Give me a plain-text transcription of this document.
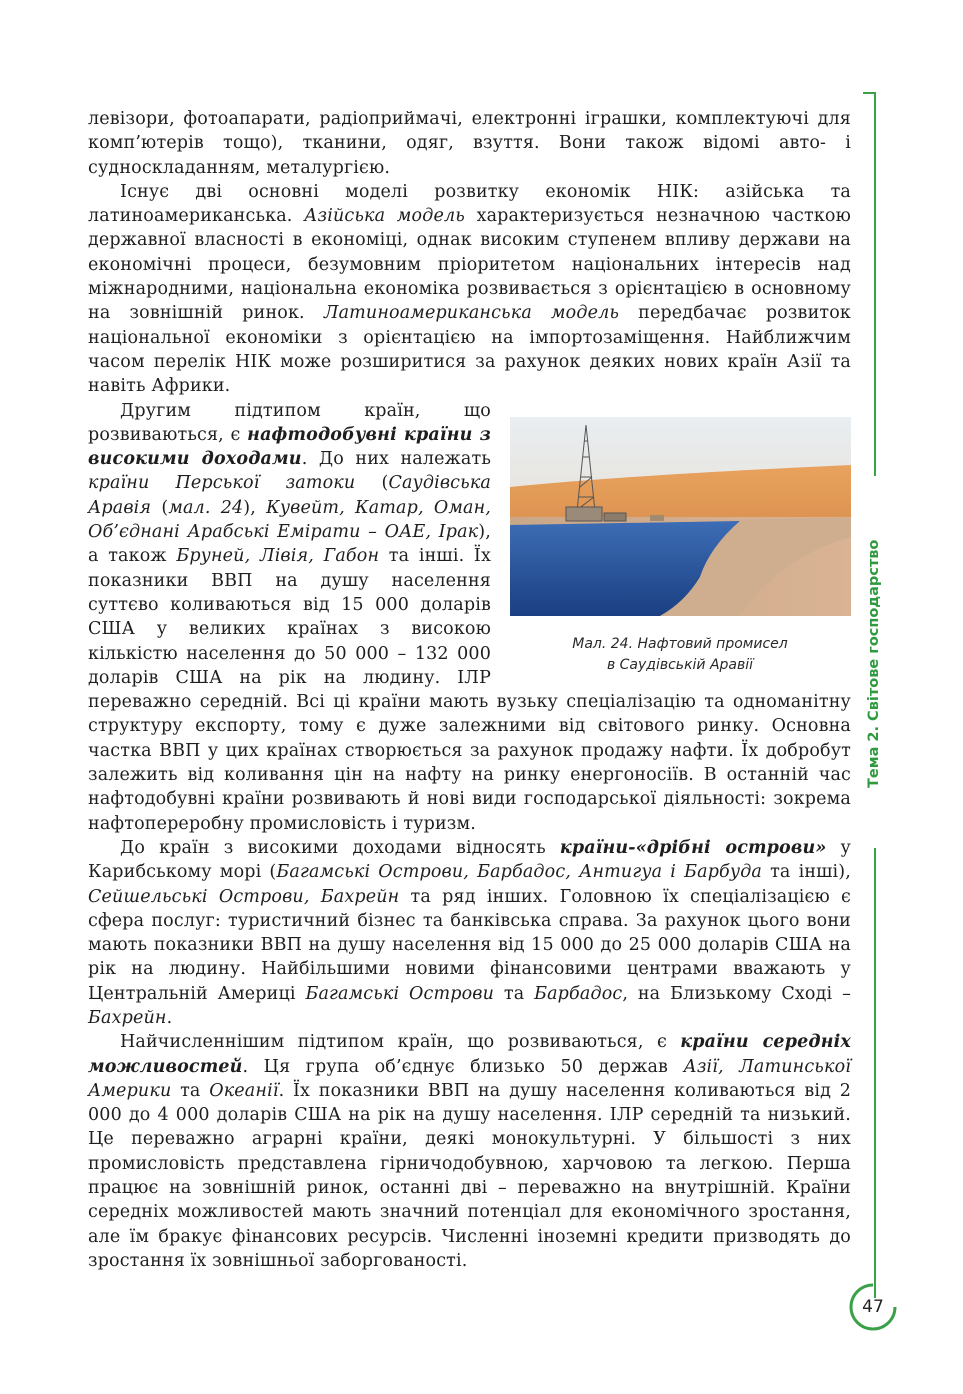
Тема 2. Світове господарство

левізори, фотоапарати, радіоприймачі, електронні іграшки, комплектуючі для комп’ютерів тощо), тканини, одяг, взуття. Вони також відомі авто- і судноскладанням, металургією.

Існує дві основні моделі розвитку економік НІК: азійська та латиноамериканська. Азійська модель характеризується незначною часткою державної власності в економіці, однак високим ступенем впливу держави на економічні процеси, безумовним пріоритетом національних інтересів над міжнародними, національна економіка розвивається з орієнтацією в основному на зовнішній ринок. Латиноамериканська модель передбачає розвиток національної економіки з орієнтацією на імпортозаміщення. Найближчим часом перелік НІК може розширитися за рахунок деяких нових країн Азії та навіть Африки.

Другим підтипом країн, що розвиваються, є нафтодобувні країни з високими доходами. До них належать країни Перської затоки (Саудівська Аравія (мал. 24), Кувейт, Катар, Оман, Об’єднані Арабські Емірати – ОАЕ, Ірак), а також Бруней, Лівія, Габон та інші. Їх показники ВВП на душу населення суттєво коливаються від 15 000 доларів США у великих країнах з високою кількістю населення до 50 000 – 132 000 доларів США на рік на людину. ІЛР переважно середній. Всі ці країни мають вузьку спеціалізацію та одноманітну структуру експорту, тому є дуже залежними від світового ринку. Основна частка ВВП у цих країнах створюється за рахунок продажу нафти. Їх добробут залежить від коливання цін на нафту на ринку енергоносіїв. В останній час нафтодобувні країни розвивають й нові види господарської діяльності: зокрема нафтопереробну промисловість і туризм.

До країн з високими доходами відносять країни-«дрібні острови» у Карибському морі (Багамські Острови, Барбадос, Антигуа і Барбуда та інші), Сейшельські Острови, Бахрейн та ряд інших. Головною їх спеціалізацією є сфера послуг: туристичний бізнес та банківська справа. За рахунок цього вони мають показники ВВП на душу населення від 15 000 до 25 000 доларів США на рік на людину. Найбільшими новими фінансовими центрами вважають у Центральній Америці Багамські Острови та Барбадос, на Близькому Сході – Бахрейн.

Найчисленнішим підтипом країн, що розвиваються, є країни середніх можливостей. Ця група об’єднує близько 50 держав Азії, Латинської Америки та Океанії. Їх показники ВВП на душу населення коливаються від 2 000 до 4 000 доларів США на рік на душу населення. ІЛР середній та низький. Це переважно аграрні країни, деякі монокультурні. У більшості з них промисловість представлена гірничодобувною, харчовою та легкою. Перша працює на зовнішній ринок, останні дві – переважно на внутрішній. Країни середніх можливостей мають значний потенціал для економічного зростання, але їм бракує фінансових ресурсів. Численні іноземні кредити призводять до зростання їх зовнішньої заборгованості.

Мал. 24. Нафтовий промисел
в Саудівській Аравії
47
